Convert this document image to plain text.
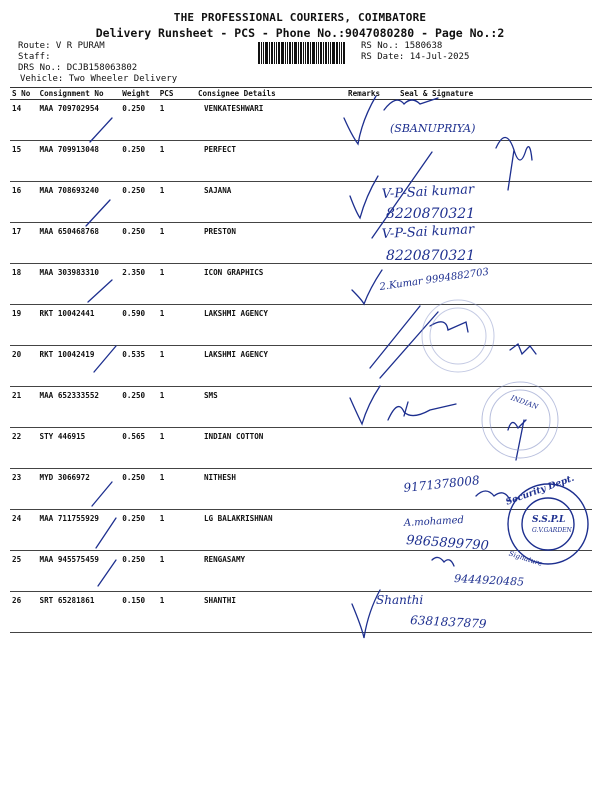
THE PROFESSIONAL COURIERS, COIMBATORE
Delivery Runsheet - PCS - Phone No.:9047080280 - Page No.:2
Route: V R PURAM
Staff:
DRS No.: DCJB158063802
Vehicle: Two Wheeler Delivery
RS No.: 1580638
RS Date: 14-Jul-2025
S No	Consignment No	Weight	PCS	Consignee Details	Remarks	Seal & Signature
14	MAA 709702954	0.250	1	VENKATESHWARI		
15	MAA 709913048	0.250	1	PERFECT		
16	MAA 708693240	0.250	1	SAJANA		
17	MAA 650468768	0.250	1	PRESTON		
18	MAA 303983310	2.350	1	ICON GRAPHICS		
19	RKT 10042441	0.590	1	LAKSHMI AGENCY		
20	RKT 10042419	0.535	1	LAKSHMI AGENCY		
21	MAA 652333552	0.250	1	SMS		
22	STY 446915	0.565	1	INDIAN COTTON		
23	MYD 3066972	0.250	1	NITHESH		
24	MAA 711755929	0.250	1	LG BALAKRISHNAN		
25	MAA 945575459	0.250	1	RENGASAMY		
26	SRT 65281861	0.150	1	SHANTHI		
Security Dept.
S.S.P.L
G.V.GARDEN
Signature
INDIAN
(SBANUPRIYA)
V-P-Sai kumar
8220870321
V-P-Sai kumar
8220870321
2.Kumar 9994882703
9171378008
A.mohamed
9865899790
9444920485
Shanthi
6381837879
